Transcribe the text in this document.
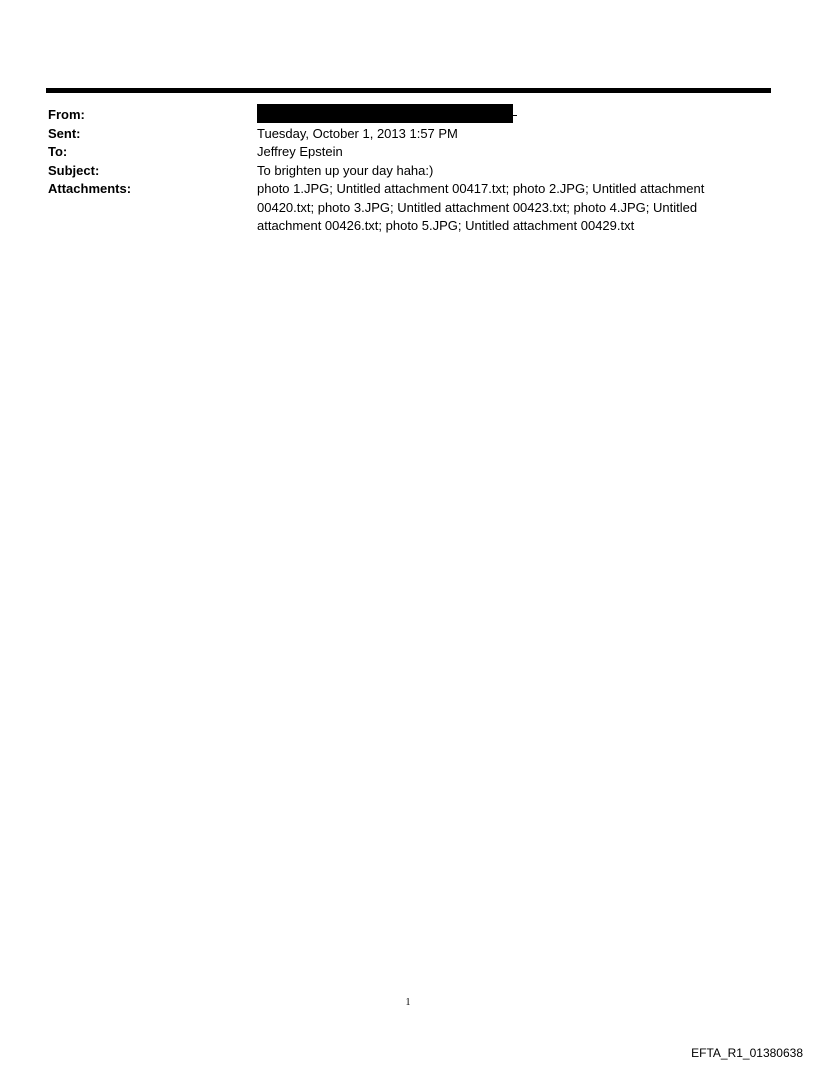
From:
Sent:	Tuesday, October 1, 2013 1:57 PM
To:	Jeffrey Epstein
Subject:	To brighten up your day haha:)
Attachments:	photo 1.JPG; Untitled attachment 00417.txt; photo 2.JPG; Untitled attachment 00420.txt; photo 3.JPG; Untitled attachment 00423.txt; photo 4.JPG; Untitled attachment 00426.txt; photo 5.JPG; Untitled attachment 00429.txt
1
EFTA_R1_01380638
